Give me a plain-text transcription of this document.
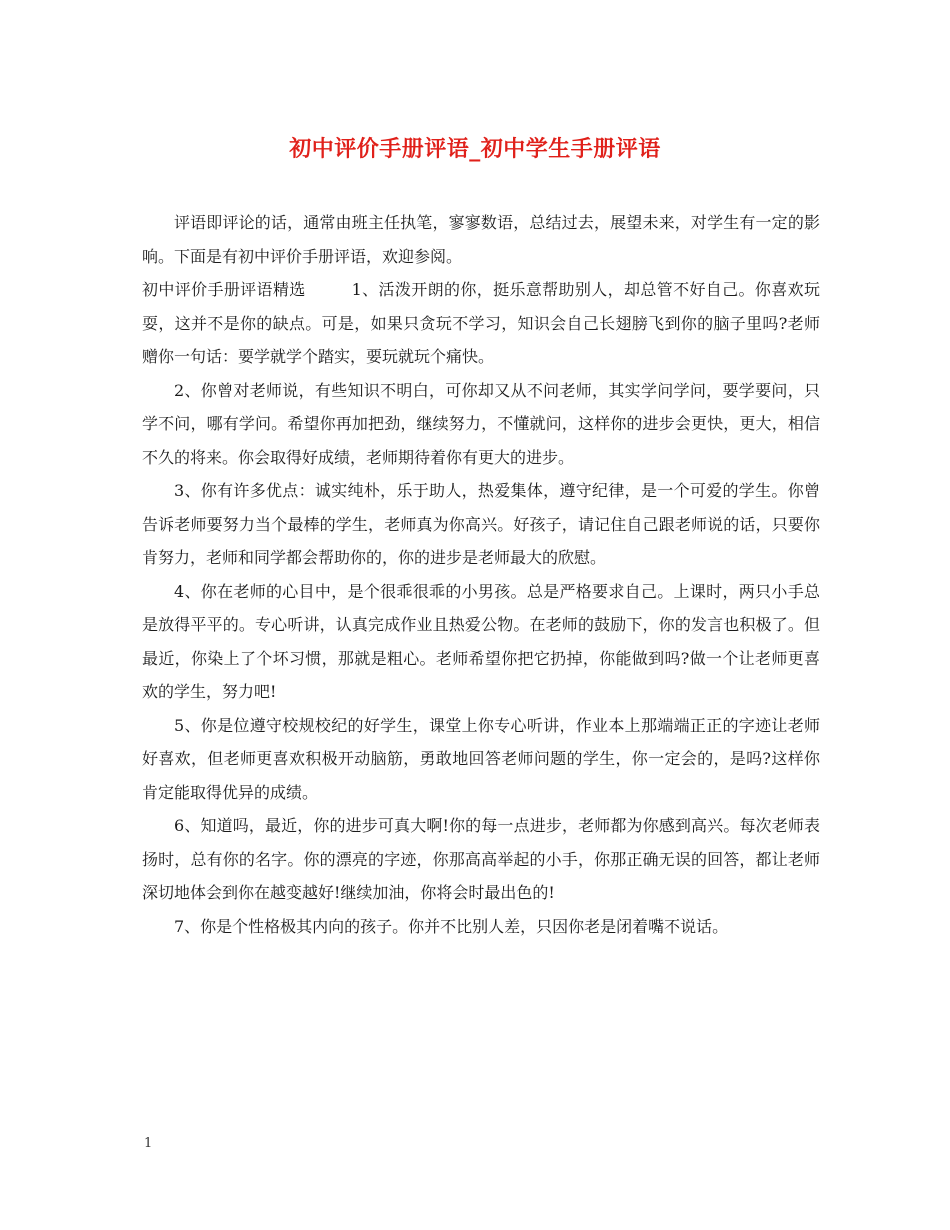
初中评价手册评语_初中学生手册评语

评语即评论的话，通常由班主任执笔，寥寥数语，总结过去，展望未来，对学生有一定的影响。下面是有初中评价手册评语，欢迎参阅。

初中评价手册评语精选	1、活泼开朗的你，挺乐意帮助别人，却总管不好自己。你喜欢玩耍，这并不是你的缺点。可是，如果只贪玩不学习，知识会自己长翅膀飞到你的脑子里吗?老师赠你一句话：要学就学个踏实，要玩就玩个痛快。

2、你曾对老师说，有些知识不明白，可你却又从不问老师，其实学问学问，要学要问，只学不问，哪有学问。希望你再加把劲，继续努力，不懂就问，这样你的进步会更快，更大，相信不久的将来。你会取得好成绩，老师期待着你有更大的进步。

3、你有许多优点：诚实纯朴，乐于助人，热爱集体，遵守纪律，是一个可爱的学生。你曾告诉老师要努力当个最棒的学生，老师真为你高兴。好孩子，请记住自己跟老师说的话，只要你肯努力，老师和同学都会帮助你的，你的进步是老师最大的欣慰。

4、你在老师的心目中，是个很乖很乖的小男孩。总是严格要求自己。上课时，两只小手总是放得平平的。专心听讲，认真完成作业且热爱公物。在老师的鼓励下，你的发言也积极了。但最近，你染上了个坏习惯，那就是粗心。老师希望你把它扔掉，你能做到吗?做一个让老师更喜欢的学生，努力吧!

5、你是位遵守校规校纪的好学生，课堂上你专心听讲，作业本上那端端正正的字迹让老师好喜欢，但老师更喜欢积极开动脑筋，勇敢地回答老师问题的学生，你一定会的，是吗?这样你肯定能取得优异的成绩。

6、知道吗，最近，你的进步可真大啊!你的每一点进步，老师都为你感到高兴。每次老师表扬时，总有你的名字。你的漂亮的字迹，你那高高举起的小手，你那正确无误的回答，都让老师深切地体会到你在越变越好!继续加油，你将会时最出色的!

7、你是个性格极其内向的孩子。你并不比别人差，只因你老是闭着嘴不说话。

1
